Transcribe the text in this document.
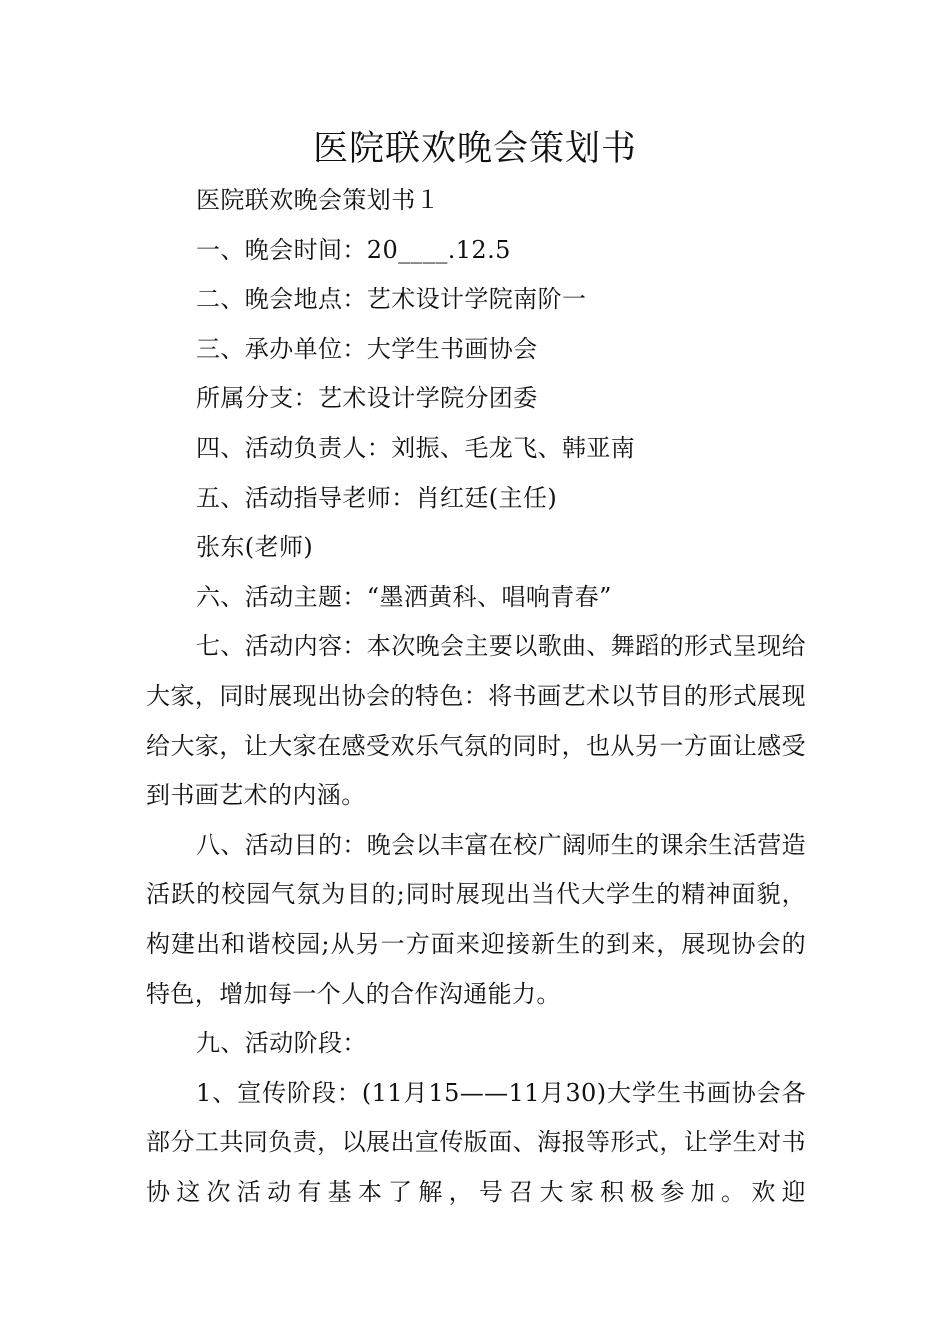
医院联欢晚会策划书

医院联欢晚会策划书１

一、晚会时间：20____.12.5

二、晚会地点：艺术设计学院南阶一

三、承办单位：大学生书画协会

所属分支：艺术设计学院分团委

四、活动负责人：刘振、毛龙飞、韩亚南

五、活动指导老师：肖红廷(主任)

张东(老师)

六、活动主题：“墨洒黄科、唱响青春”

七、活动内容：本次晚会主要以歌曲、舞蹈的形式呈现给大家，同时展现出协会的特色：将书画艺术以节目的形式展现给大家，让大家在感受欢乐气氛的同时，也从另一方面让感受到书画艺术的内涵。

八、活动目的：晚会以丰富在校广阔师生的课余生活营造活跃的校园气氛为目的;同时展现出当代大学生的精神面貌，构建出和谐校园;从另一方面来迎接新生的到来，展现协会的特色，增加每一个人的合作沟通能力。

九、活动阶段：

1、宣传阶段：(11月15——11月30)大学生书画协会各部分工共同负责，以展出宣传版面、海报等形式，让学生对书协这次活动有基本了解，号召大家积极参加。欢迎
